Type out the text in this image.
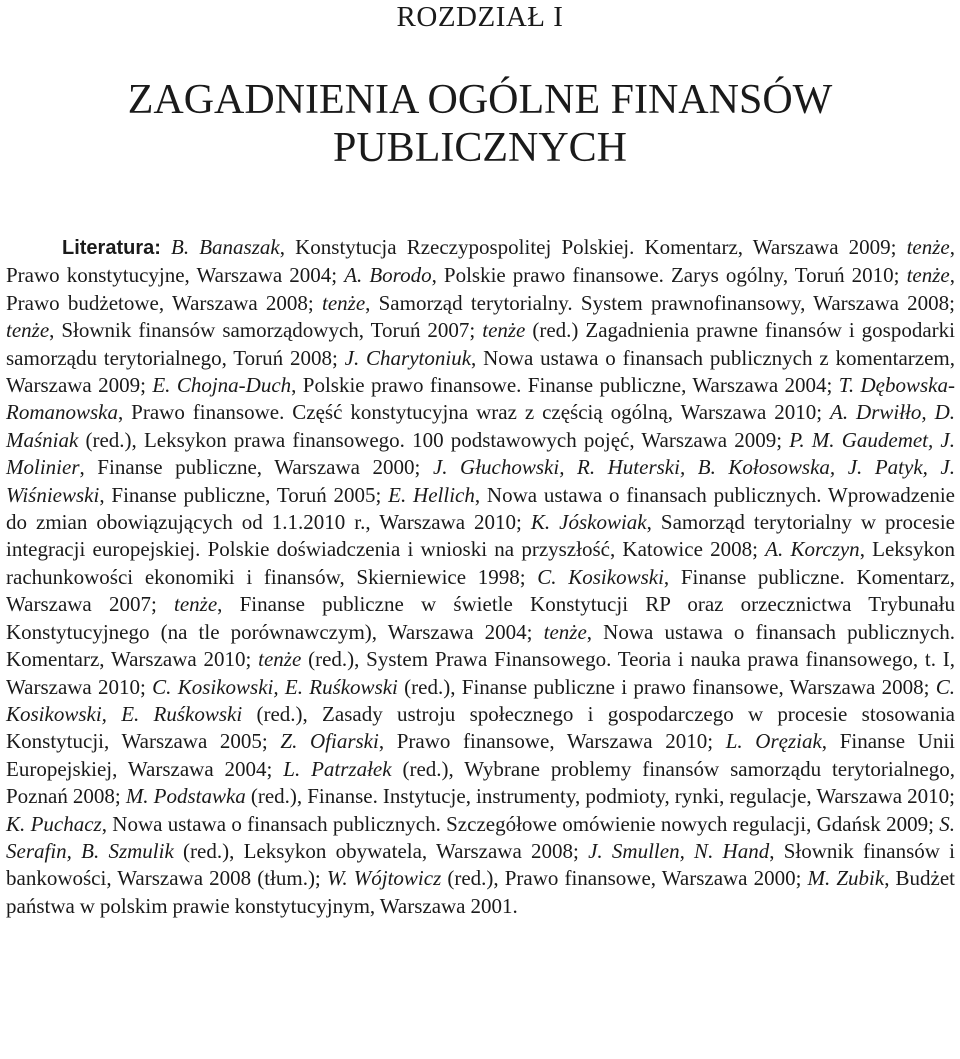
ROZDZIAŁ I
ZAGADNIENIA OGÓLNE FINANSÓW
PUBLICZNYCH

Literatura: B. Banaszak, Konstytucja Rzeczypospolitej Polskiej. Komentarz, Warszawa 2009; tenże, Prawo konstytucyjne, Warszawa 2004; A. Borodo, Polskie prawo finansowe. Zarys ogólny, Toruń 2010; tenże, Prawo budżetowe, Warszawa 2008; tenże, Samorząd terytorialny. System prawnofinansowy, Warszawa 2008; tenże, Słownik finansów samorządowych, Toruń 2007; tenże (red.) Zagadnienia prawne finansów i gospodarki samorządu terytorialnego, Toruń 2008; J. Charytoniuk, Nowa ustawa o finansach publicznych z komentarzem, Warszawa 2009; E. Chojna-Duch, Polskie prawo finansowe. Finanse publiczne, Warszawa 2004; T. Dębowska-Romanowska, Prawo finansowe. Część konstytucyjna wraz z częścią ogólną, Warszawa 2010; A. Drwiłło, D. Maśniak (red.), Leksykon prawa finansowego. 100 podstawowych pojęć, Warszawa 2009; P. M. Gaudemet, J. Molinier, Finanse publiczne, Warszawa 2000; J. Głuchowski, R. Huterski, B. Kołosowska, J. Patyk, J. Wiśniewski, Finanse publiczne, Toruń 2005; E. Hellich, Nowa ustawa o finansach publicznych. Wprowadzenie do zmian obowiązujących od 1.1.2010 r., Warszawa 2010; K. Jóskowiak, Samorząd terytorialny w procesie integracji europejskiej. Polskie doświadczenia i wnioski na przyszłość, Katowice 2008; A. Korczyn, Leksykon rachunkowości ekonomiki i finansów, Skierniewice 1998; C. Kosikowski, Finanse publiczne. Komentarz, Warszawa 2007; tenże, Finanse publiczne w świetle Konstytucji RP oraz orzecznictwa Trybunału Konstytucyjnego (na tle porównawczym), Warszawa 2004; tenże, Nowa ustawa o finansach publicznych. Komentarz, Warszawa 2010; tenże (red.), System Prawa Finansowego. Teoria i nauka prawa finansowego, t. I, Warszawa 2010; C. Kosikowski, E. Ruśkowski (red.), Finanse publiczne i prawo finansowe, Warszawa 2008; C. Kosikowski, E. Ruśkowski (red.), Zasady ustroju społecznego i gospodarczego w procesie stosowania Konstytucji, Warszawa 2005; Z. Ofiarski, Prawo finansowe, Warszawa 2010; L. Oręziak, Finanse Unii Europejskiej, Warszawa 2004; L. Patrzałek (red.), Wybrane problemy finansów samorządu terytorialnego, Poznań 2008; M. Podstawka (red.), Finanse. Instytucje, instrumenty, podmioty, rynki, regulacje, Warszawa 2010; K. Puchacz, Nowa ustawa o finansach publicznych. Szczegółowe omówienie nowych regulacji, Gdańsk 2009; S. Serafin, B. Szmulik (red.), Leksykon obywatela, Warszawa 2008; J. Smullen, N. Hand, Słownik finansów i bankowości, Warszawa 2008 (tłum.); W. Wójtowicz (red.), Prawo finansowe, Warszawa 2000; M. Zubik, Budżet państwa w polskim prawie konstytucyjnym, Warszawa 2001.
